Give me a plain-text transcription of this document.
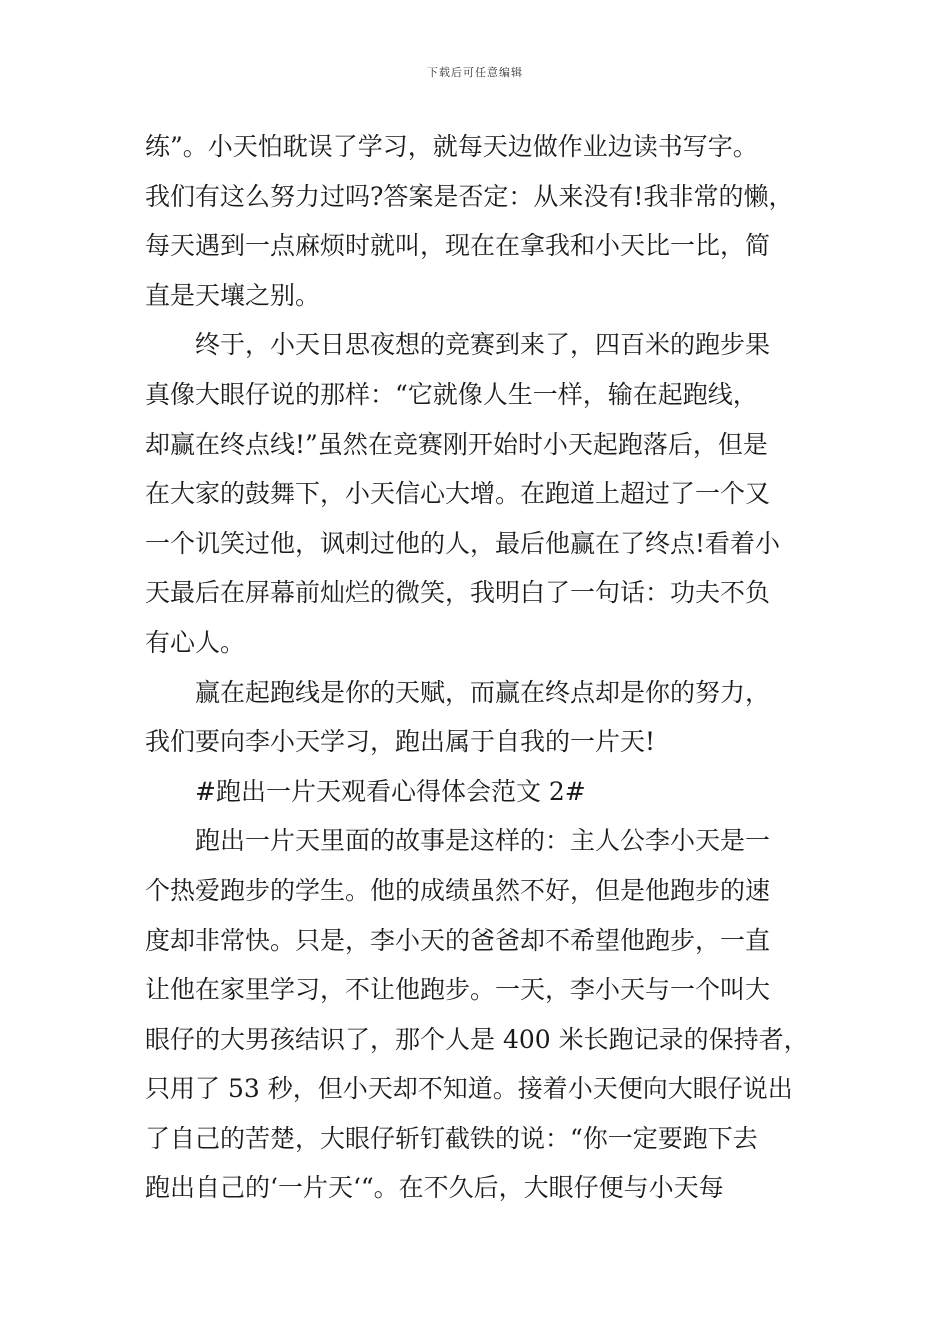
下载后可任意编辑

练”。小天怕耽误了学习，就每天边做作业边读书写字。
我们有这么努力过吗?答案是否定：从来没有!我非常的懒，
每天遇到一点麻烦时就叫，现在在拿我和小天比一比，简
直是天壤之别。

终于，小天日思夜想的竞赛到来了，四百米的跑步果
真像大眼仔说的那样：“它就像人生一样，输在起跑线，
却赢在终点线!”虽然在竞赛刚开始时小天起跑落后，但是
在大家的鼓舞下，小天信心大增。在跑道上超过了一个又
一个讥笑过他，讽刺过他的人，最后他赢在了终点!看着小
天最后在屏幕前灿烂的微笑，我明白了一句话：功夫不负
有心人。

赢在起跑线是你的天赋，而赢在终点却是你的努力，
我们要向李小天学习，跑出属于自我的一片天!

#跑出一片天观看心得体会范文 2#

跑出一片天里面的故事是这样的：主人公李小天是一
个热爱跑步的学生。他的成绩虽然不好，但是他跑步的速
度却非常快。只是，李小天的爸爸却不希望他跑步，一直
让他在家里学习，不让他跑步。一天，李小天与一个叫大
眼仔的大男孩结识了，那个人是 400 米长跑记录的保持者，
只用了 53 秒，但小天却不知道。接着小天便向大眼仔说出
了自己的苦楚，大眼仔斩钉截铁的说：“你一定要跑下去
跑出自己的‘一片天‘“。在不久后，大眼仔便与小天每
